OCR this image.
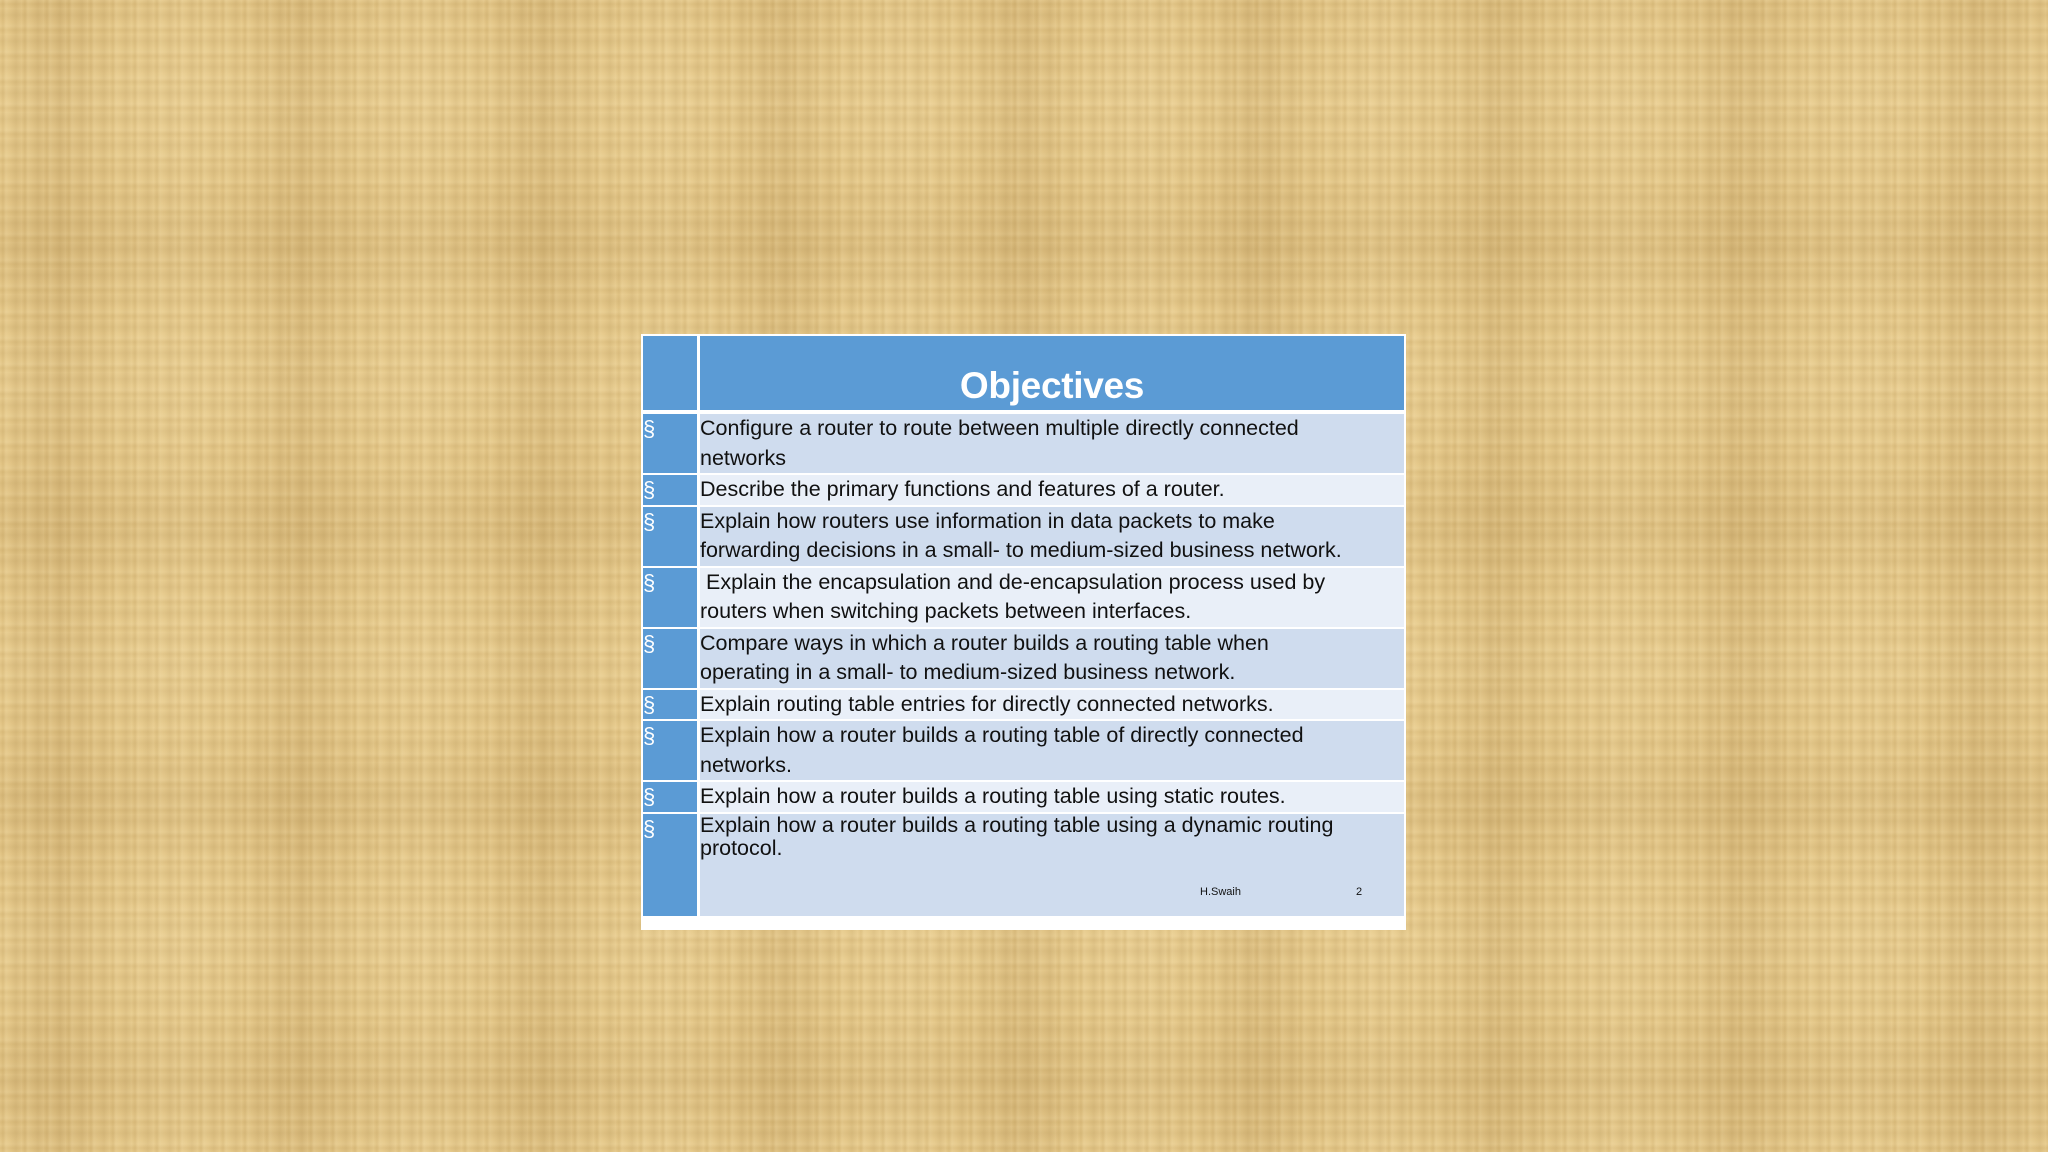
Objectives
§ Configure a router to route between multiple directly connected networks
§ Describe the primary functions and features of a router.
§ Explain how routers use information in data packets to make forwarding decisions in a small- to medium-sized business network.
§ Explain the encapsulation and de-encapsulation process used by routers when switching packets between interfaces.
§ Compare ways in which a router builds a routing table when operating in a small- to medium-sized business network.
§ Explain routing table entries for directly connected networks.
§ Explain how a router builds a routing table of directly connected networks.
§ Explain how a router builds a routing table using static routes.
§ Explain how a router builds a routing table using a dynamic routing protocol.
H.Swaih	2
